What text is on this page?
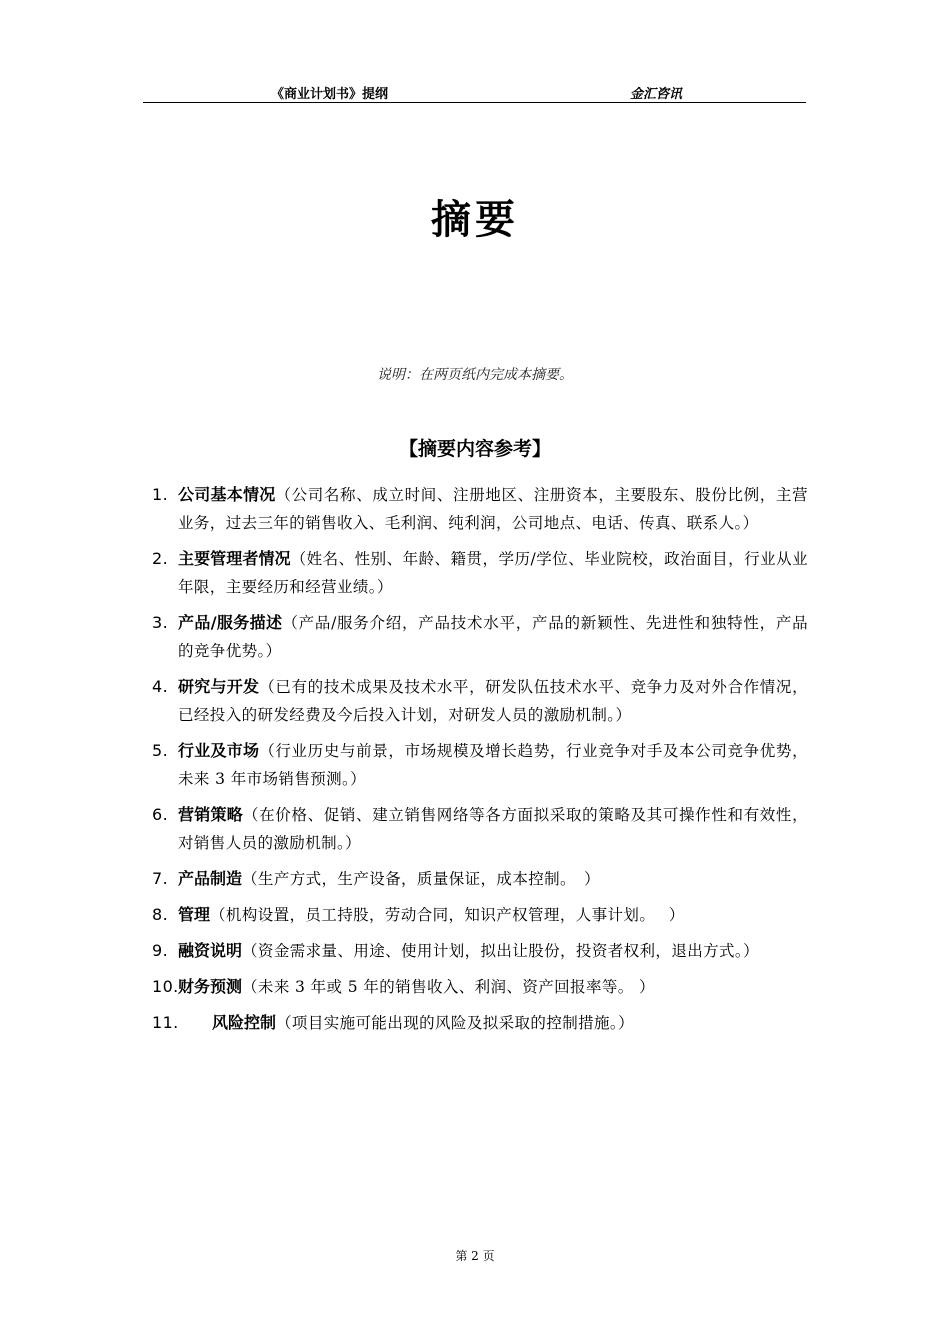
《商业计划书》提纲	金汇咨讯
摘要
说明：在两页纸内完成本摘要。
【摘要内容参考】
1. 公司基本情况（公司名称、成立时间、注册地区、注册资本，主要股东、股份比例，主营业务，过去三年的销售收入、毛利润、纯利润，公司地点、电话、传真、联系人。）
2. 主要管理者情况（姓名、性别、年龄、籍贯，学历/学位、毕业院校，政治面目，行业从业年限，主要经历和经营业绩。）
3. 产品/服务描述（产品/服务介绍，产品技术水平，产品的新颖性、先进性和独特性，产品的竞争优势。）
4. 研究与开发（已有的技术成果及技术水平，研发队伍技术水平、竞争力及对外合作情况，已经投入的研发经费及今后投入计划，对研发人员的激励机制。）
5. 行业及市场（行业历史与前景，市场规模及增长趋势，行业竞争对手及本公司竞争优势，未来 3 年市场销售预测。）
6. 营销策略（在价格、促销、建立销售网络等各方面拟采取的策略及其可操作性和有效性，对销售人员的激励机制。）
7. 产品制造（生产方式，生产设备，质量保证，成本控制。　）
8. 管理（机构设置，员工持股，劳动合同，知识产权管理，人事计划。　 ）
9. 融资说明（资金需求量、用途、使用计划，拟出让股份，投资者权利，退出方式。）
10. 财务预测（未来 3 年或 5 年的销售收入、利润、资产回报率等。 ）
11.	风险控制（项目实施可能出现的风险及拟采取的控制措施。）
第 2 页
